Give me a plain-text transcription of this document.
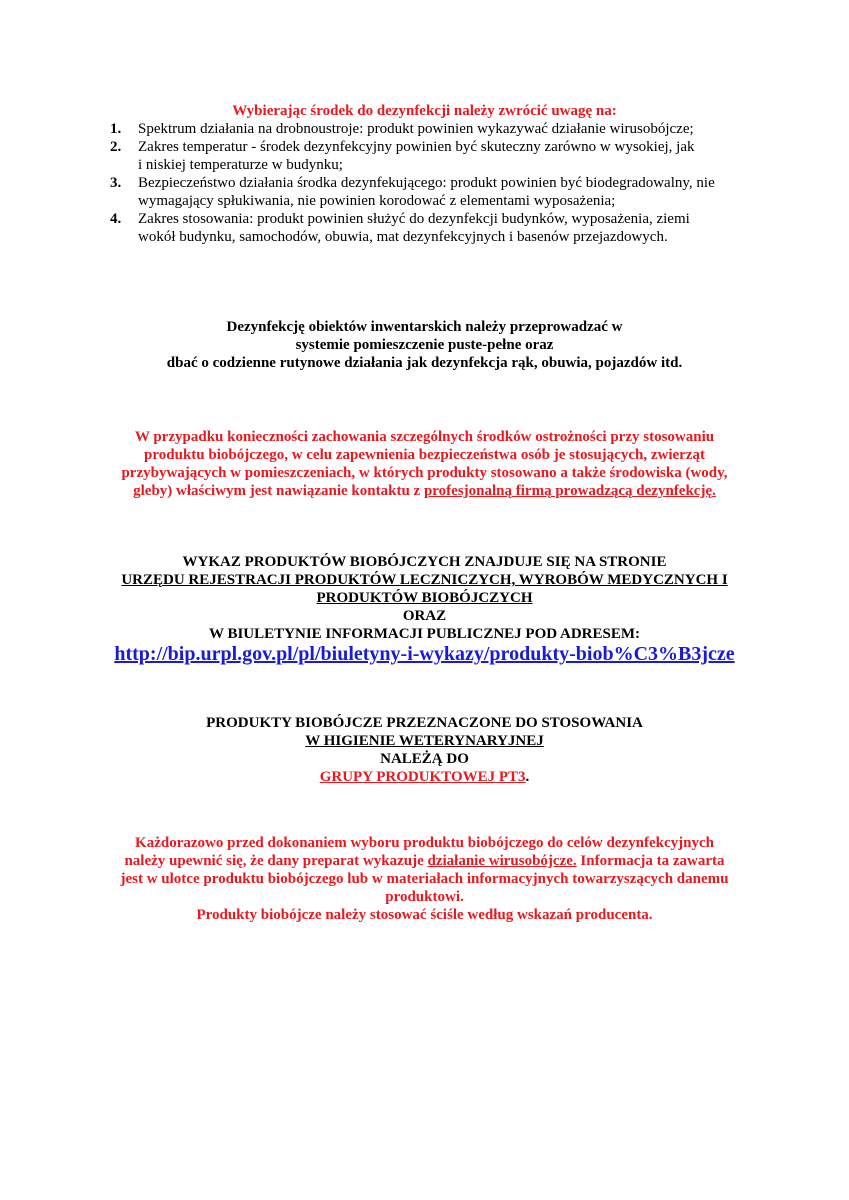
Wybierając środek do dezynfekcji należy zwrócić uwagę na:
1. Spektrum działania na drobnoustroje: produkt powinien wykazywać działanie wirusobójcze;
2. Zakres temperatur - środek dezynfekcyjny powinien być skuteczny zarówno w wysokiej, jak
i niskiej temperaturze w budynku;
3. Bezpieczeństwo działania środka dezynfekującego: produkt powinien być biodegradowalny, nie
wymagający spłukiwania, nie powinien korodować z elementami wyposażenia;
4. Zakres stosowania: produkt powinien służyć do dezynfekcji budynków, wyposażenia, ziemi
wokół budynku, samochodów, obuwia, mat dezynfekcyjnych i basenów przejazdowych.
Dezynfekcję obiektów inwentarskich należy przeprowadzać w
systemie pomieszczenie puste-pełne oraz
dbać o codzienne rutynowe działania jak dezynfekcja rąk, obuwia, pojazdów itd.
W przypadku konieczności zachowania szczególnych środków ostrożności przy stosowaniu
produktu biobójczego, w celu zapewnienia bezpieczeństwa osób je stosujących, zwierząt
przybywających w pomieszczeniach, w których produkty stosowano a także środowiska (wody,
gleby) właściwym jest nawiązanie kontaktu z profesjonalną firmą prowadzącą dezynfekcję.
WYKAZ PRODUKTÓW BIOBÓJCZYCH ZNAJDUJE SIĘ NA STRONIE
URZĘDU REJESTRACJI PRODUKTÓW LECZNICZYCH, WYROBÓW MEDYCZNYCH I
PRODUKTÓW BIOBÓJCZYCH
ORAZ
W BIULETYNIE INFORMACJI PUBLICZNEJ POD ADRESEM:
http://bip.urpl.gov.pl/pl/biuletyny-i-wykazy/produkty-biob%C3%B3jcze
PRODUKTY BIOBÓJCZE PRZEZNACZONE DO STOSOWANIA
W HIGIENIE WETERYNARYJNEJ
NALEŻĄ DO
GRUPY PRODUKTOWEJ PT3.
Każdorazowo przed dokonaniem wyboru produktu biobójczego do celów dezynfekcyjnych
należy upewnić się, że dany preparat wykazuje działanie wirusobójcze. Informacja ta zawarta
jest w ulotce produktu biobójczego lub w materiałach informacyjnych towarzyszących danemu
produktowi.
Produkty biobójcze należy stosować ściśle według wskazań producenta.
